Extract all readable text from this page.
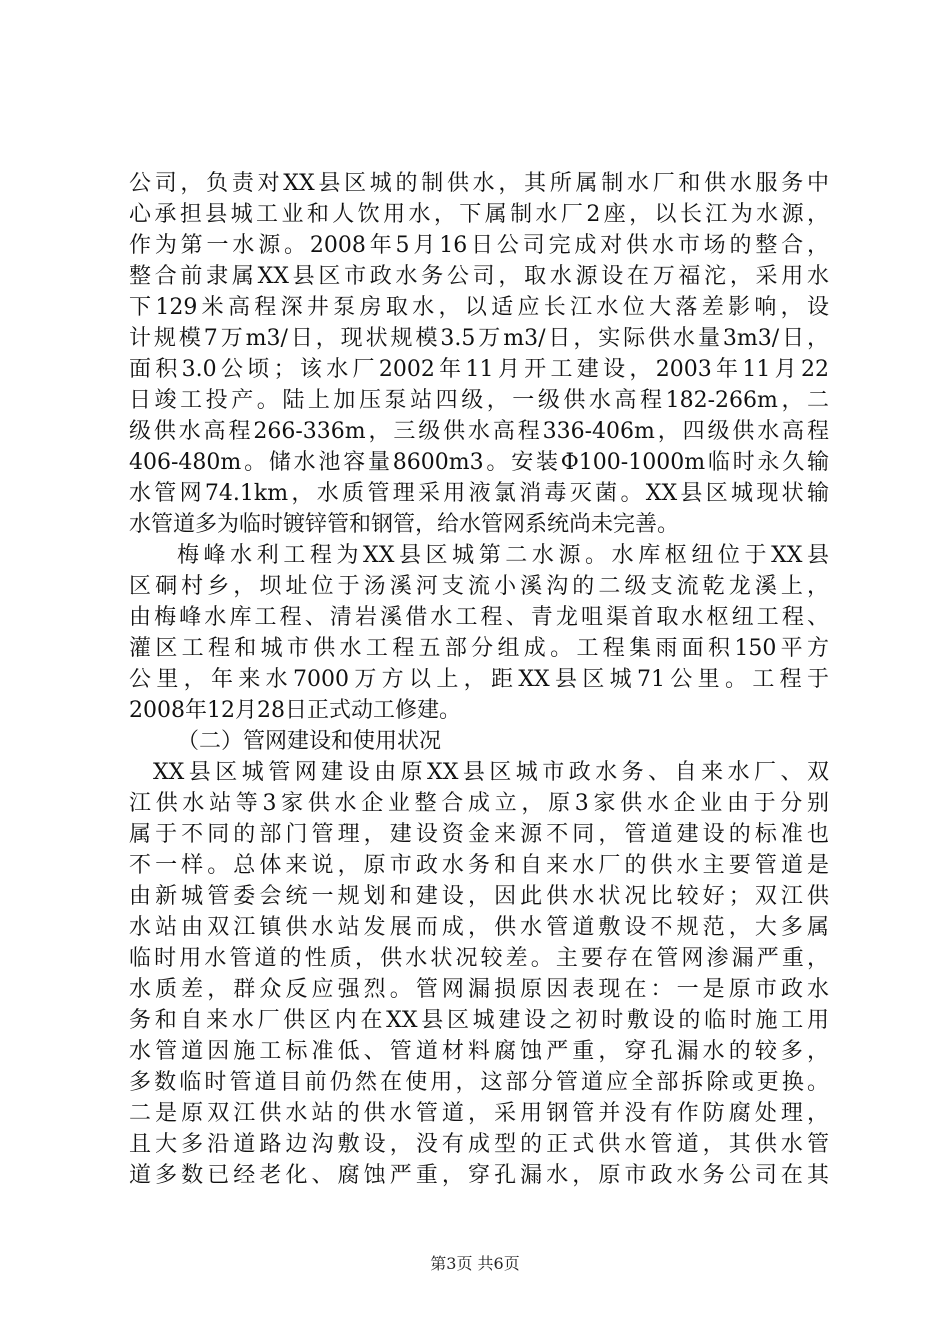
公司，负责对XX县区城的制供水，其所属制水厂和供水服务中
心承担县城工业和人饮用水，下属制水厂2座，以长江为水源，
作为第一水源。2008年5月16日公司完成对供水市场的整合，
整合前隶属XX县区市政水务公司，取水源设在万福沱，采用水
下129米高程深井泵房取水，以适应长江水位大落差影响，设
计规模7万m3/日，现状规模3.5万m3/日，实际供水量3m3/日，
面积3.0公顷；该水厂2002年11月开工建设，2003年11月22
日竣工投产。陆上加压泵站四级，一级供水高程182-266m，二
级供水高程266-336m，三级供水高程336-406m，四级供水高程
406-480m。储水池容量8600m3。安装Φ100-1000m临时永久输
水管网74.1km，水质管理采用液氯消毒灭菌。XX县区城现状输
水管道多为临时镀锌管和钢管，给水管网系统尚未完善。
梅峰水利工程为XX县区城第二水源。水库枢纽位于XX县
区硐村乡，坝址位于汤溪河支流小溪沟的二级支流乾龙溪上，
由梅峰水库工程、清岩溪借水工程、青龙咀渠首取水枢纽工程、
灌区工程和城市供水工程五部分组成。工程集雨面积150平方
公里，年来水7000万方以上，距XX县区城71公里。工程于
2008年12月28日正式动工修建。
（二）管网建设和使用状况
XX县区城管网建设由原XX县区城市政水务、自来水厂、双
江供水站等3家供水企业整合成立，原3家供水企业由于分别
属于不同的部门管理，建设资金来源不同，管道建设的标准也
不一样。总体来说，原市政水务和自来水厂的供水主要管道是
由新城管委会统一规划和建设，因此供水状况比较好；双江供
水站由双江镇供水站发展而成，供水管道敷设不规范，大多属
临时用水管道的性质，供水状况较差。主要存在管网渗漏严重，
水质差，群众反应强烈。管网漏损原因表现在：一是原市政水
务和自来水厂供区内在XX县区城建设之初时敷设的临时施工用
水管道因施工标准低、管道材料腐蚀严重，穿孔漏水的较多，
多数临时管道目前仍然在使用，这部分管道应全部拆除或更换。
二是原双江供水站的供水管道，采用钢管并没有作防腐处理，
且大多沿道路边沟敷设，没有成型的正式供水管道，其供水管
道多数已经老化、腐蚀严重，穿孔漏水，原市政水务公司在其
第3页 共6页
